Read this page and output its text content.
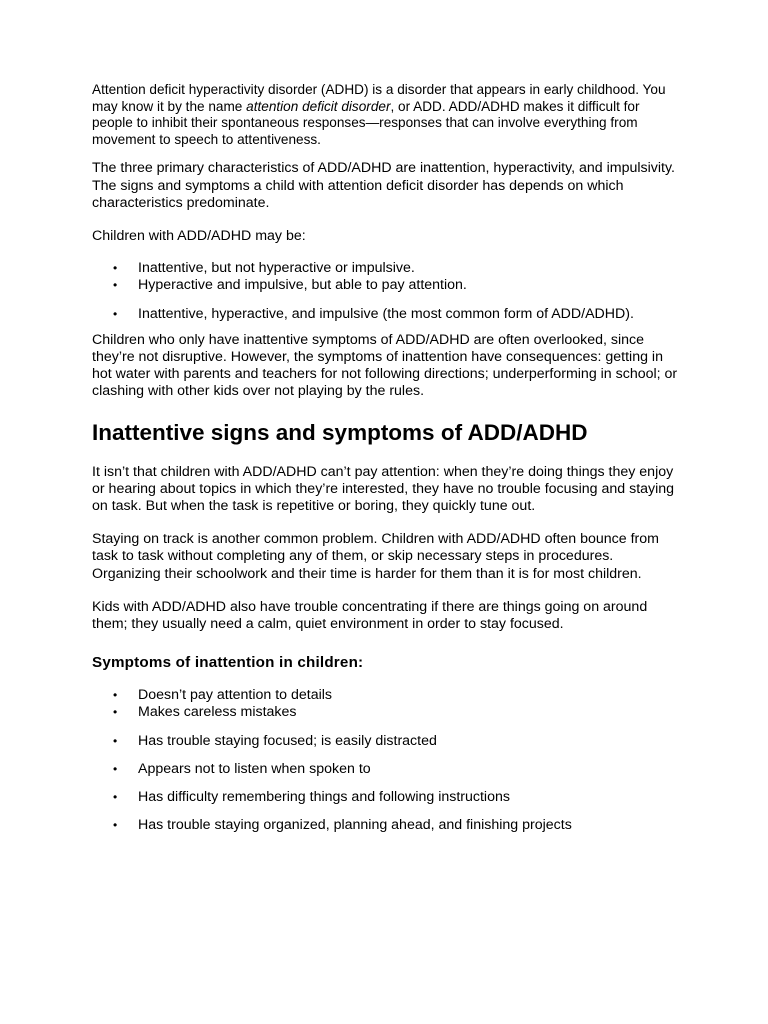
Attention deficit hyperactivity disorder (ADHD) is a disorder that appears in early childhood. You may know it by the name attention deficit disorder, or ADD. ADD/ADHD makes it difficult for people to inhibit their spontaneous responses—responses that can involve everything from movement to speech to attentiveness.

The three primary characteristics of ADD/ADHD are inattention, hyperactivity, and impulsivity. The signs and symptoms a child with attention deficit disorder has depends on which characteristics predominate.

Children with ADD/ADHD may be:

• Inattentive, but not hyperactive or impulsive.
• Hyperactive and impulsive, but able to pay attention.
• Inattentive, hyperactive, and impulsive (the most common form of ADD/ADHD).

Children who only have inattentive symptoms of ADD/ADHD are often overlooked, since they’re not disruptive. However, the symptoms of inattention have consequences: getting in hot water with parents and teachers for not following directions; underperforming in school; or clashing with other kids over not playing by the rules.

Inattentive signs and symptoms of ADD/ADHD

It isn’t that children with ADD/ADHD can’t pay attention: when they’re doing things they enjoy or hearing about topics in which they’re interested, they have no trouble focusing and staying on task. But when the task is repetitive or boring, they quickly tune out.

Staying on track is another common problem. Children with ADD/ADHD often bounce from task to task without completing any of them, or skip necessary steps in procedures. Organizing their schoolwork and their time is harder for them than it is for most children.

Kids with ADD/ADHD also have trouble concentrating if there are things going on around them; they usually need a calm, quiet environment in order to stay focused.

Symptoms of inattention in children:
• Doesn’t pay attention to details
• Makes careless mistakes
• Has trouble staying focused; is easily distracted
• Appears not to listen when spoken to
• Has difficulty remembering things and following instructions
• Has trouble staying organized, planning ahead, and finishing projects
